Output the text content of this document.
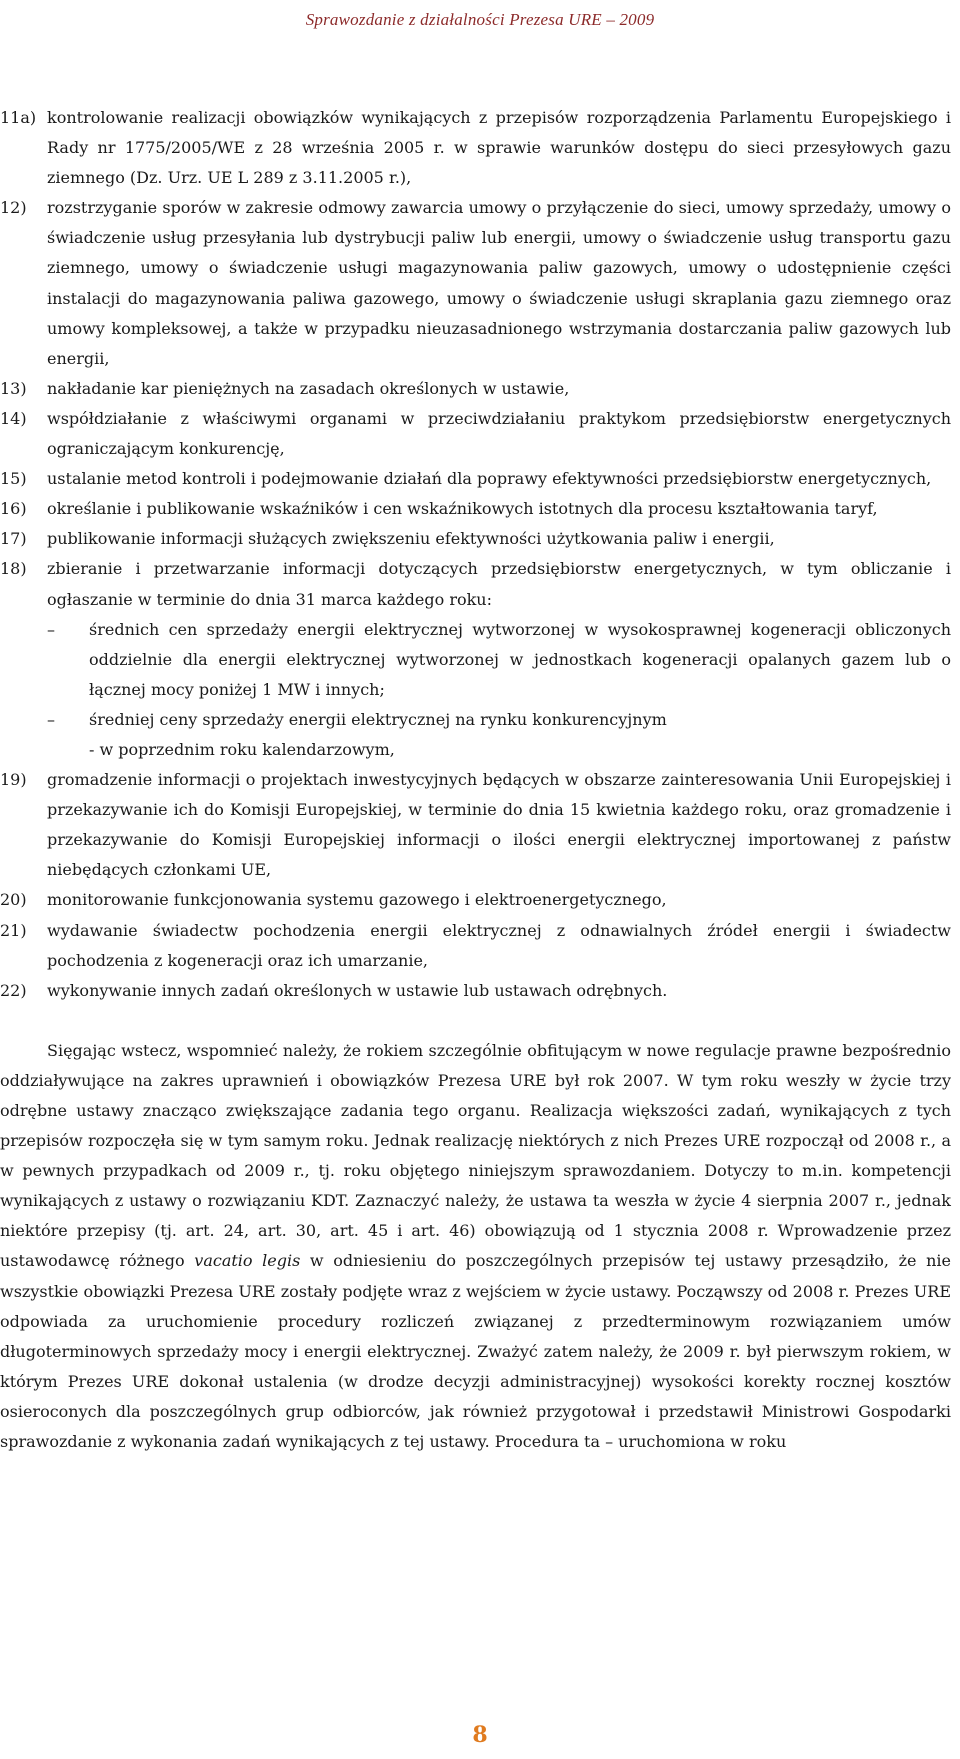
Sprawozdanie z działalności Prezesa URE – 2009
11a) kontrolowanie realizacji obowiązków wynikających z przepisów rozporządzenia Parlamentu Europejskiego i Rady nr 1775/2005/WE z 28 września 2005 r. w sprawie warunków dostępu do sieci przesyłowych gazu ziemnego (Dz. Urz. UE L 289 z 3.11.2005 r.),
12)	rozstrzyganie sporów w zakresie odmowy zawarcia umowy o przyłączenie do sieci, umowy sprzedaży, umowy o świadczenie usług przesyłania lub dystrybucji paliw lub energii, umowy o świadczenie usług transportu gazu ziemnego, umowy o świadczenie usługi magazynowania paliw gazowych, umowy o udostępnienie części instalacji do magazynowania paliwa gazowego, umowy o świadczenie usługi skraplania gazu ziemnego oraz umowy kompleksowej, a także w przypadku nieuzasadnionego wstrzymania dostarczania paliw gazowych lub energii,
13)	nakładanie kar pieniężnych na zasadach określonych w ustawie,
14)	współdziałanie z właściwymi organami w przeciwdziałaniu praktykom przedsiębiorstw energetycznych ograniczającym konkurencję,
15)	ustalanie metod kontroli i podejmowanie działań dla poprawy efektywności przedsiębiorstw energetycznych,
16)	określanie i publikowanie wskaźników i cen wskaźnikowych istotnych dla procesu kształtowania taryf,
17)	publikowanie informacji służących zwiększeniu efektywności użytkowania paliw i energii,
18)	zbieranie i przetwarzanie informacji dotyczących przedsiębiorstw energetycznych, w tym obliczanie i ogłaszanie w terminie do dnia 31 marca każdego roku:
–	średnich cen sprzedaży energii elektrycznej wytworzonej w wysokosprawnej kogeneracji obliczonych oddzielnie dla energii elektrycznej wytworzonej w jednostkach kogeneracji opalanych gazem lub o łącznej mocy poniżej 1 MW i innych;
–	średniej ceny sprzedaży energii elektrycznej na rynku konkurencyjnym
- w poprzednim roku kalendarzowym,
19)	gromadzenie informacji o projektach inwestycyjnych będących w obszarze zainteresowania Unii Europejskiej i przekazywanie ich do Komisji Europejskiej, w terminie do dnia 15 kwietnia każdego roku, oraz gromadzenie i przekazywanie do Komisji Europejskiej informacji o ilości energii elektrycznej importowanej z państw niebędących członkami UE,
20)	monitorowanie funkcjonowania systemu gazowego i elektroenergetycznego,
21)	wydawanie świadectw pochodzenia energii elektrycznej z odnawialnych źródeł energii i świadectw pochodzenia z kogeneracji oraz ich umarzanie,
22)	wykonywanie innych zadań określonych w ustawie lub ustawach odrębnych.

Sięgając wstecz, wspomnieć należy, że rokiem szczególnie obfitującym w nowe regulacje prawne bezpośrednio oddziaływujące na zakres uprawnień i obowiązków Prezesa URE był rok 2007. W tym roku weszły w życie trzy odrębne ustawy znacząco zwiększające zadania tego organu. Realizacja większości zadań, wynikających z tych przepisów rozpoczęła się w tym samym roku. Jednak realizację niektórych z nich Prezes URE rozpoczął od 2008 r., a w pewnych przypadkach od 2009 r., tj. roku objętego niniejszym sprawozdaniem. Dotyczy to m.in. kompetencji wynikających z ustawy o rozwiązaniu KDT. Zaznaczyć należy, że ustawa ta weszła w życie 4 sierpnia 2007 r., jednak niektóre przepisy (tj. art. 24, art. 30, art. 45 i art. 46) obowiązują od 1 stycznia 2008 r. Wprowadzenie przez ustawodawcę różnego vacatio legis w odniesieniu do poszczególnych przepisów tej ustawy przesądziło, że nie wszystkie obowiązki Prezesa URE zostały podjęte wraz z wejściem w życie ustawy. Począwszy od 2008 r. Prezes URE odpowiada za uruchomienie procedury rozliczeń związanej z przedterminowym rozwiązaniem umów długoterminowych sprzedaży mocy i energii elektrycznej. Zważyć zatem należy, że 2009 r. był pierwszym rokiem, w którym Prezes URE dokonał ustalenia (w drodze decyzji administracyjnej) wysokości korekty rocznej kosztów osieroconych dla poszczególnych grup odbiorców, jak również przygotował i przedstawił Ministrowi Gospodarki sprawozdanie z wykonania zadań wynikających z tej ustawy. Procedura ta – uruchomiona w roku

8
